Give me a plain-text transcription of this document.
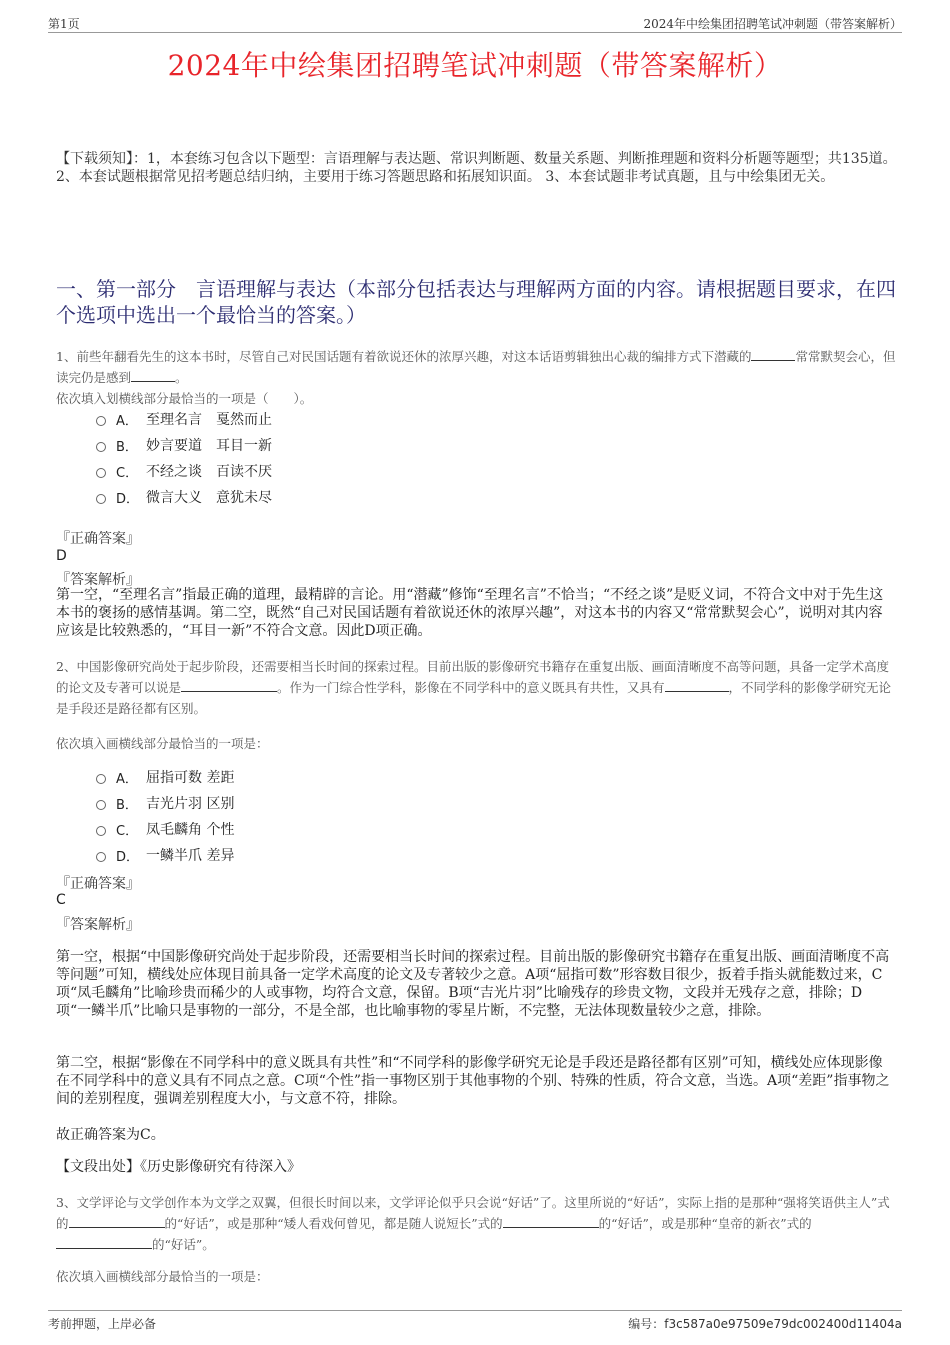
第1页	2024年中绘集团招聘笔试冲刺题（带答案解析）
2024年中绘集团招聘笔试冲刺题（带答案解析）
【下载须知】：1，本套练习包含以下题型：言语理解与表达题、常识判断题、数量关系题、判断推理题和资料分析题等题型；共135道。 2、本套试题根据常见招考题总结归纳，主要用于练习答题思路和拓展知识面。 3、本套试题非考试真题，且与中绘集团无关。
一、第一部分　言语理解与表达（本部分包括表达与理解两方面的内容。请根据题目要求，在四个选项中选出一个最恰当的答案。）
1、前些年翻看先生的这本书时，尽管自己对民国话题有着欲说还休的浓厚兴趣，对这本话语剪辑独出心裁的编排方式下潜藏的	常常默契会心，但读完仍是感到	。
依次填入划横线部分最恰当的一项是（　　）。
A． 至理名言　戛然而止
B． 妙言要道　耳目一新
C． 不经之谈　百读不厌
D． 微言大义　意犹未尽
『正确答案』
D
『答案解析』
第一空，“至理名言”指最正确的道理，最精辟的言论。用“潜藏”修饰“至理名言”不恰当；“不经之谈”是贬义词，不符合文中对于先生这本书的褒扬的感情基调。第二空，既然“自己对民国话题有着欲说还休的浓厚兴趣”，对这本书的内容又“常常默契会心”，说明对其内容应该是比较熟悉的，“耳目一新”不符合文意。因此D项正确。
2、中国影像研究尚处于起步阶段，还需要相当长时间的探索过程。目前出版的影像研究书籍存在重复出版、画面清晰度不高等问题，具备一定学术高度的论文及专著可以说是	。作为一门综合性学科，影像在不同学科中的意义既具有共性，又具有	，不同学科的影像学研究无论是手段还是路径都有区别。
依次填入画横线部分最恰当的一项是：
A． 屈指可数 差距
B． 吉光片羽 区别
C． 凤毛麟角 个性
D． 一鳞半爪 差异
『正确答案』
C
『答案解析』
第一空，根据“中国影像研究尚处于起步阶段，还需要相当长时间的探索过程。目前出版的影像研究书籍存在重复出版、画面清晰度不高等问题”可知，横线处应体现目前具备一定学术高度的论文及专著较少之意。A项“屈指可数”形容数目很少，扳着手指头就能数过来，C项“凤毛麟角”比喻珍贵而稀少的人或事物，均符合文意，保留。B项“吉光片羽”比喻残存的珍贵文物，文段并无残存之意，排除；D项“一鳞半爪”比喻只是事物的一部分，不是全部，也比喻事物的零星片断，不完整，无法体现数量较少之意，排除。
第二空，根据“影像在不同学科中的意义既具有共性”和“不同学科的影像学研究无论是手段还是路径都有区别”可知，横线处应体现影像在不同学科中的意义具有不同点之意。C项“个性”指一事物区别于其他事物的个别、特殊的性质，符合文意，当选。A项“差距”指事物之间的差别程度，强调差别程度大小，与文意不符，排除。
故正确答案为C。
【文段出处】《历史影像研究有待深入》
3、文学评论与文学创作本为文学之双翼，但很长时间以来，文学评论似乎只会说“好话”了。这里所说的“好话”，实际上指的是那种“强将笑语供主人”式的	的“好话”，或是那种“矮人看戏何曾见，都是随人说短长”式的	的“好话”，或是那种“皇帝的新衣”式的的“好话”。
依次填入画横线部分最恰当的一项是：
考前押题，上岸必备	编号：f3c587a0e97509e79dc002400d11404a
